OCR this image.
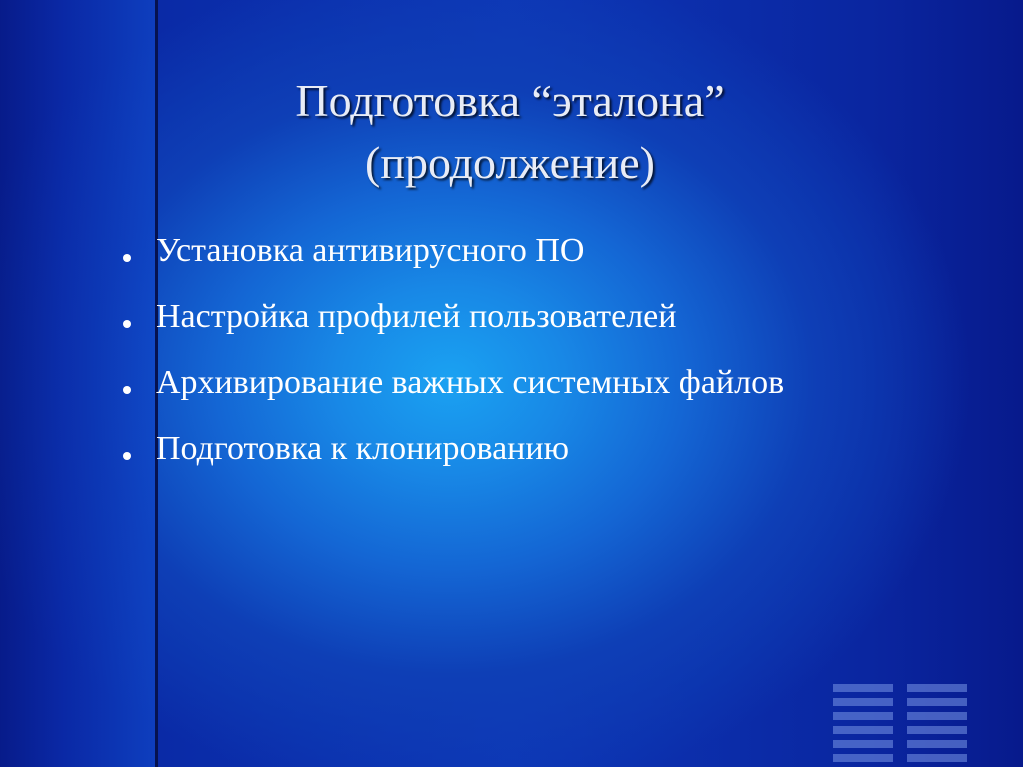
Подготовка “эталона”
(продолжение)
Установка антивирусного ПО
Настройка профилей пользователей
Архивирование важных системных файлов
Подготовка к клонированию
